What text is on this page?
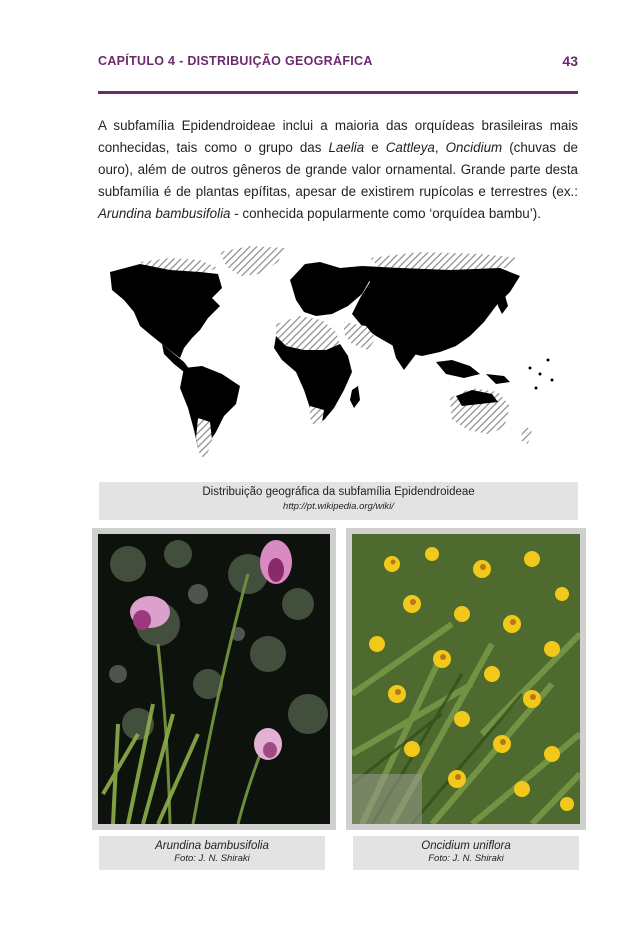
CAPÍTULO 4 - DISTRIBUIÇÃO GEOGRÁFICA	43

A subfamília Epidendroideae inclui a maioria das orquídeas brasileiras mais conhecidas, tais como o grupo das Laelia e Cattleya, Oncidium (chuvas de ouro), além de outros gêneros de grande valor ornamental. Grande parte desta subfamília é de plantas epífitas, apesar de existirem rupícolas e terrestres (ex.: Arundina bambusifolia - conhecida popularmente como ‘orquídea bambu’).

Distribuição geográfica da subfamília Epidendroideae
http://pt.wikipedia.org/wiki/
Arundina bambusifolia
Foto: J. N. Shiraki
Oncidium uniflora
Foto: J. N. Shiraki
